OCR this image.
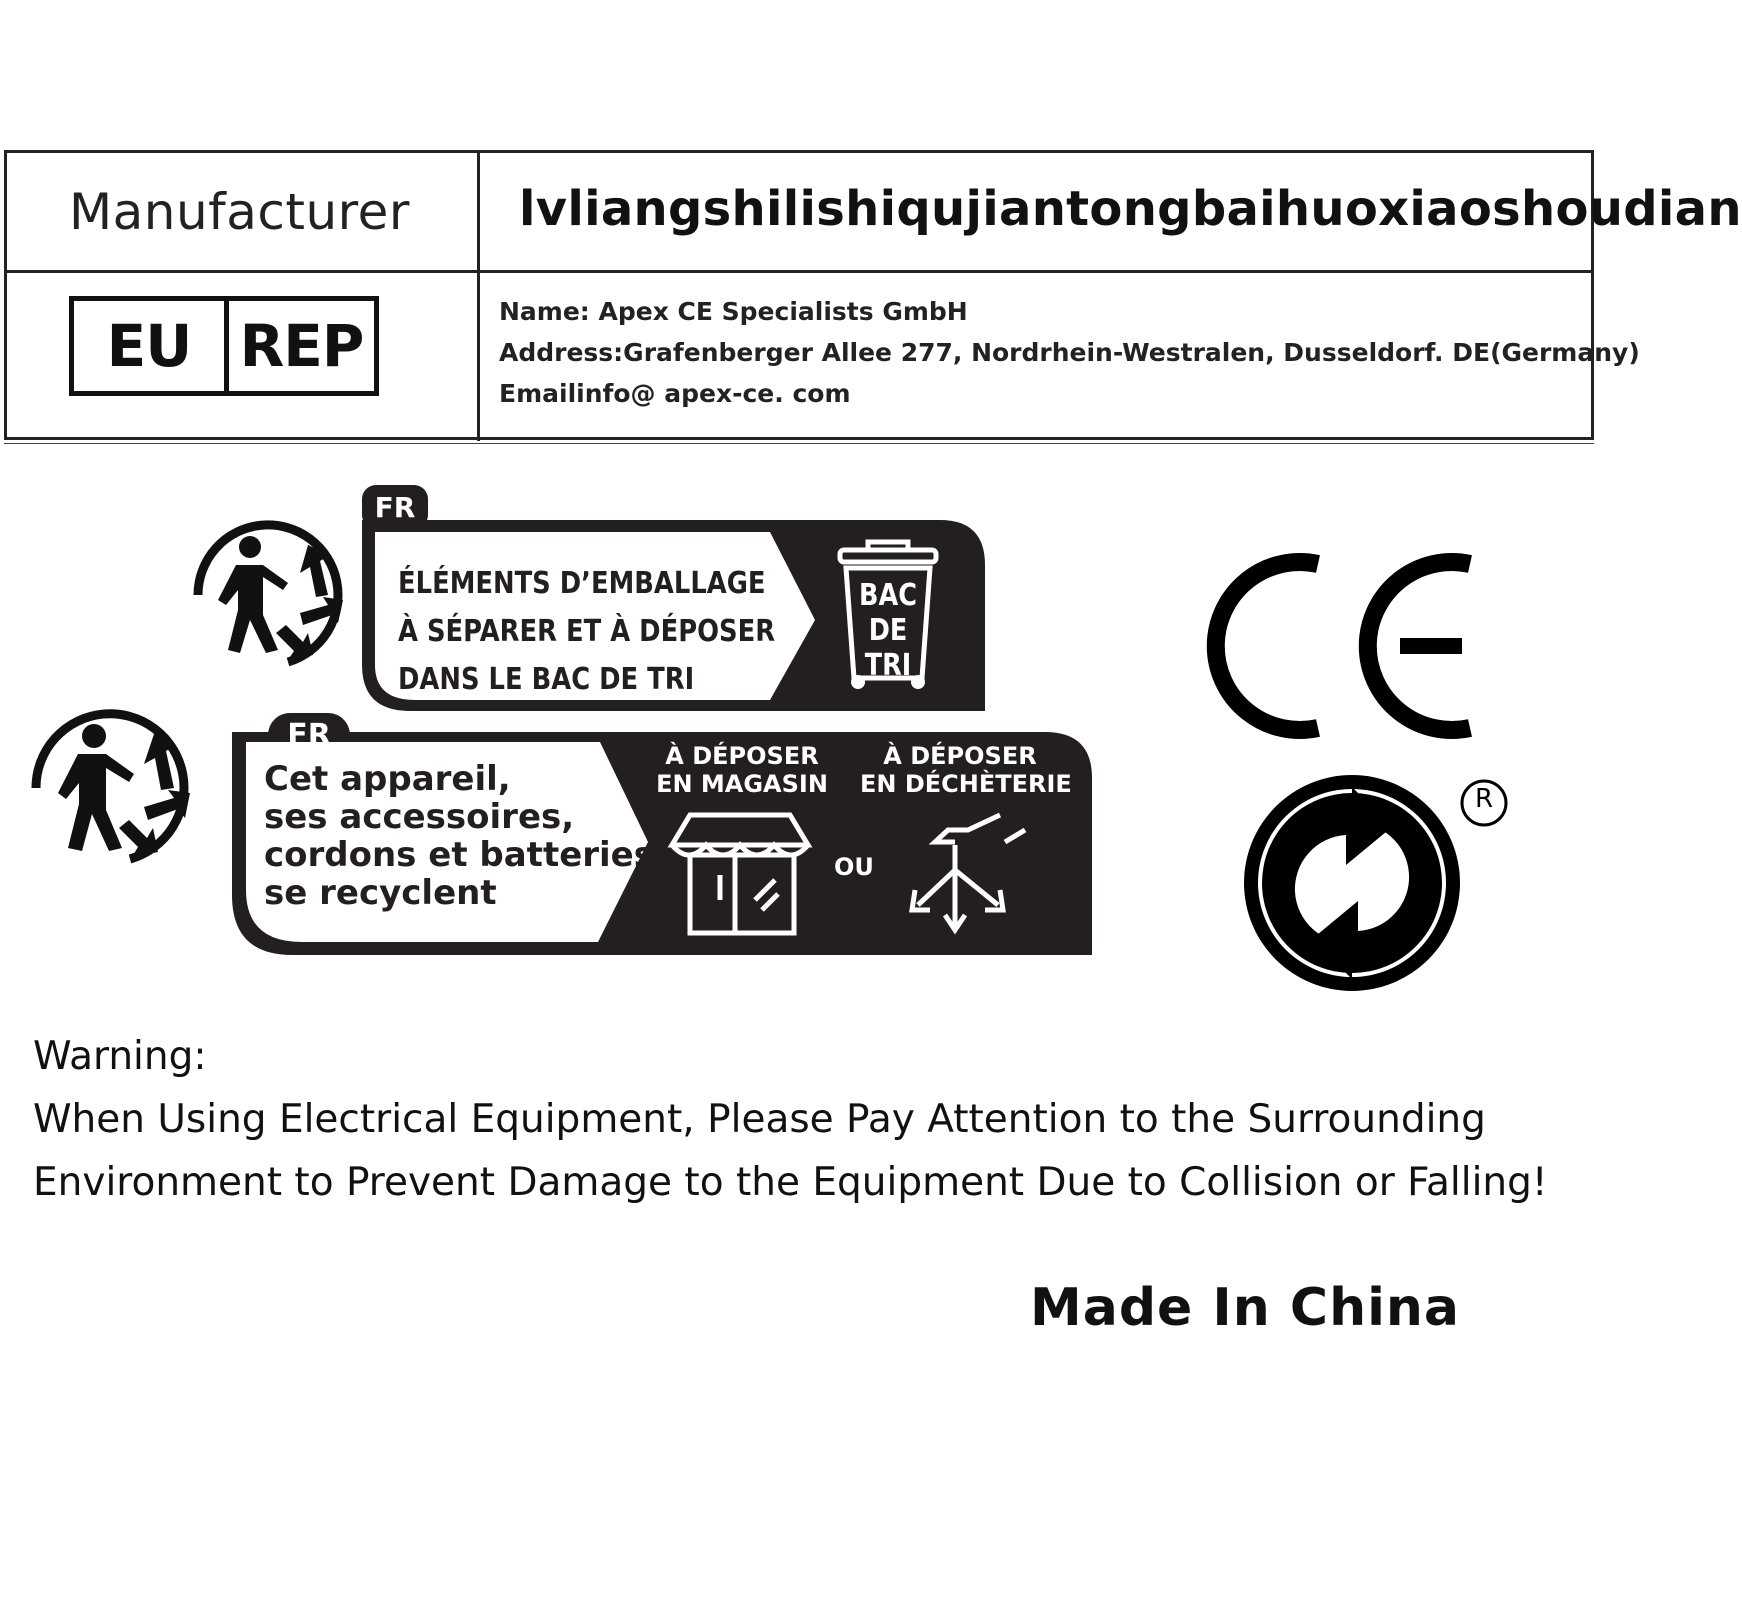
Manufacturer lvliangshilishiqujiantongbaihuoxiaoshoudian
EU REP
Name: Apex CE Specialists GmbH
Address:Grafenberger Allee 277, Nordrhein-Westralen, Dusseldorf. DE(Germany)
Emailinfo@ apex-ce. com
FR
ÉLÉMENTS D’EMBALLAGE
À SÉPARER ET À DÉPOSER
DANS LE BAC DE TRI
BAC
DE
TRI
FR
Cet appareil,
ses accessoires,
cordons et batteries
se recyclent
À DÉPOSER
EN MAGASIN
À DÉPOSER
EN DÉCHÈTERIE
OU
R
Warning:
When Using Electrical Equipment, Please Pay Attention to the Surrounding
Environment to Prevent Damage to the Equipment Due to Collision or Falling!
Made In China
